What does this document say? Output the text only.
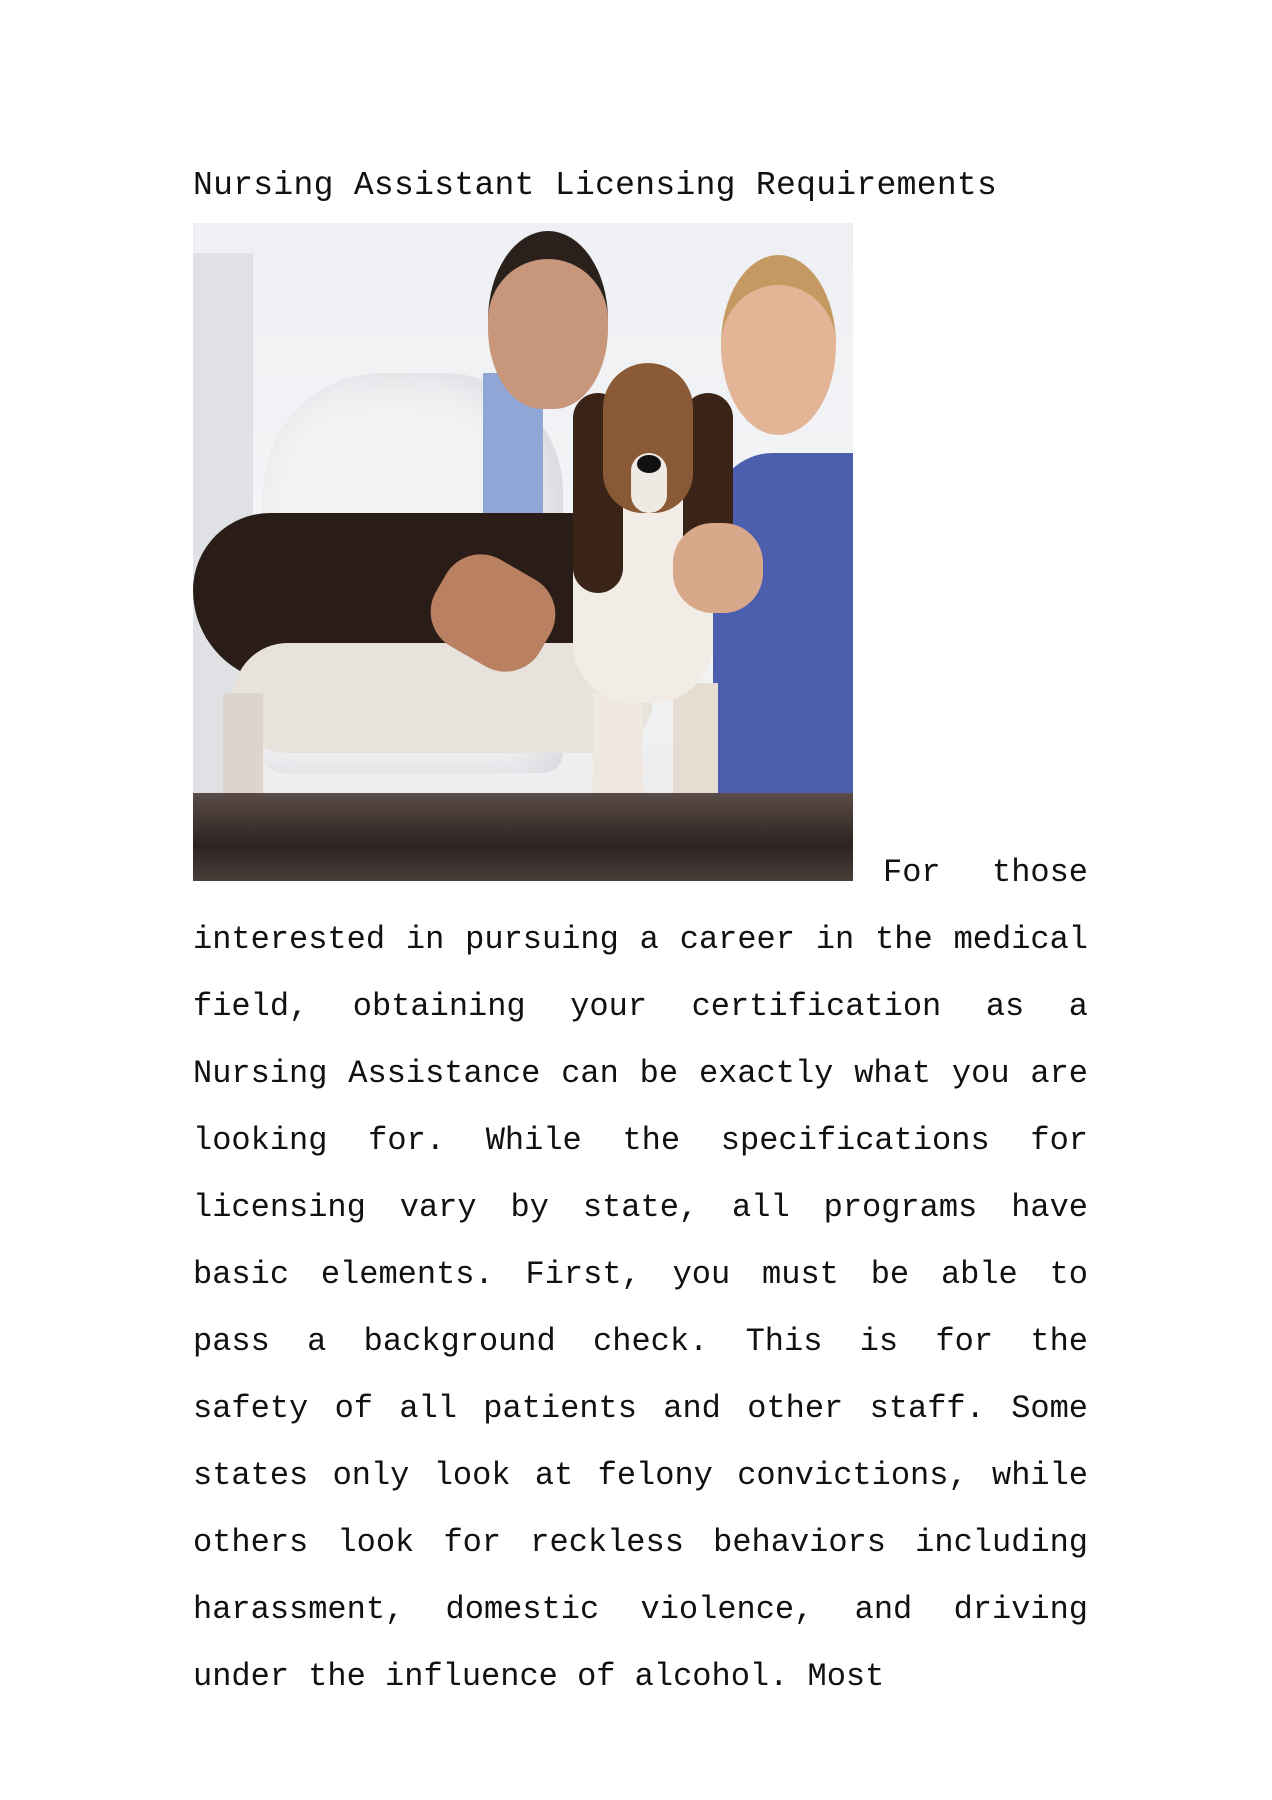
Nursing Assistant Licensing Requirements
For those interested in pursuing a career in the medical field, obtaining your certification as a Nursing Assistance can be exactly what you are looking for. While the specifications for licensing vary by state, all programs have basic elements. First, you must be able to pass a background check. This is for the safety of all patients and other staff. Some states only look at felony convictions, while others look for reckless behaviors including harassment, domestic violence, and driving under the influence of alcohol. Most
